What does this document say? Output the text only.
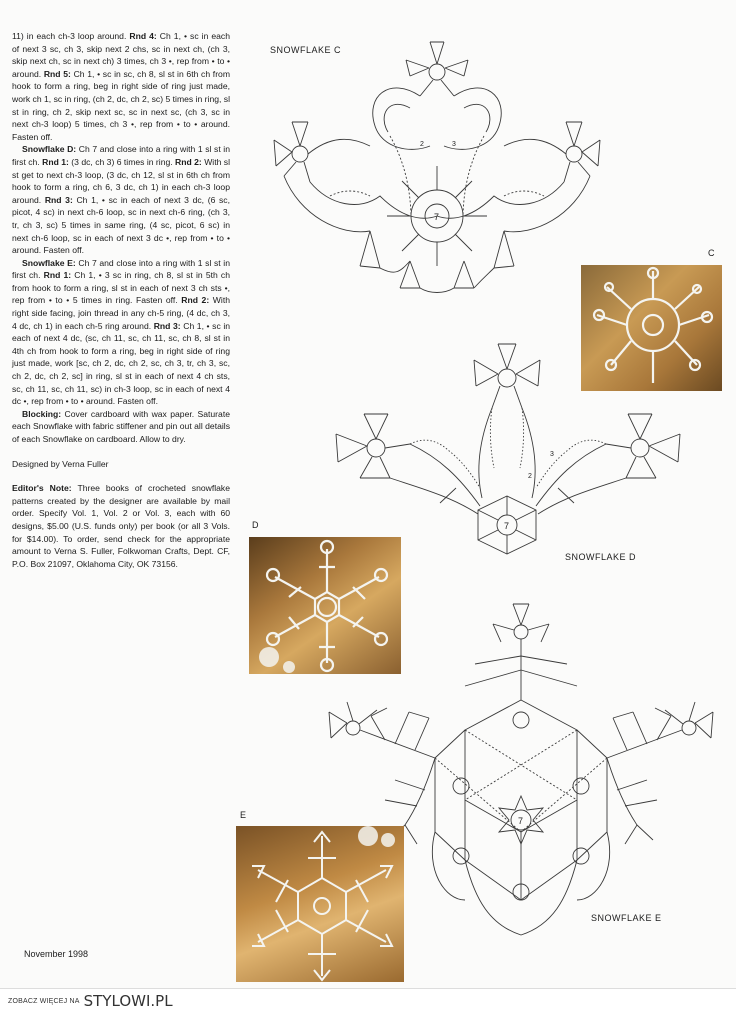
11) in each ch-3 loop around. Rnd 4: Ch 1, • sc in each of next 3 sc, ch 3, skip next 2 chs, sc in next ch, (ch 3, skip next ch, sc in next ch) 3 times, ch 3 •, rep from • to • around. Rnd 5: Ch 1, • sc in sc, ch 8, sl st in 6th ch from hook to form a ring, beg in right side of ring just made, work ch 1, sc in ring, (ch 2, dc, ch 2, sc) 5 times in ring, sl st in ring, ch 2, skip next sc, sc in next sc, (ch 3, sc in next ch-3 loop) 5 times, ch 3 •, rep from • to • around. Fasten off.

Snowflake D: Ch 7 and close into a ring with 1 sl st in first ch. Rnd 1: (3 dc, ch 3) 6 times in ring. Rnd 2: With sl st get to next ch-3 loop, (3 dc, ch 12, sl st in 6th ch from hook to form a ring, ch 6, 3 dc, ch 1) in each ch-3 loop around. Rnd 3: Ch 1, • sc in each of next 3 dc, (6 sc, picot, 4 sc) in next ch-6 loop, sc in next ch-6 ring, (ch 3, tr, ch 3, sc) 5 times in same ring, (4 sc, picot, 6 sc) in next ch-6 loop, sc in each of next 3 dc •, rep from • to • around. Fasten off.

Snowflake E: Ch 7 and close into a ring with 1 sl st in first ch. Rnd 1: Ch 1, • 3 sc in ring, ch 8, sl st in 5th ch from hook to form a ring, sl st in each of next 3 ch sts •, rep from • to • 5 times in ring. Fasten off. Rnd 2: With right side facing, join thread in any ch-5 ring, (4 dc, ch 3, 4 dc, ch 1) in each ch-5 ring around. Rnd 3: Ch 1, • sc in each of next 4 dc, (sc, ch 11, sc, ch 11, sc, ch 8, sl st in 4th ch from hook to form a ring, beg in right side of ring just made, work [sc, ch 2, dc, ch 2, sc, ch 3, tr, ch 3, sc, ch 2, dc, ch 2, sc] in ring, sl st in each of next 4 ch sts, sc, ch 11, sc, ch 11, sc) in ch-3 loop, sc in each of next 4 dc •, rep from • to • around. Fasten off.

Blocking: Cover cardboard with wax paper. Saturate each Snowflake with fabric stiffener and pin out all details of each Snowflake on cardboard. Allow to dry.

Designed by Verna Fuller

Editor's Note: Three books of crocheted snowflake patterns created by the designer are available by mail order. Specify Vol. 1, Vol. 2 or Vol. 3, each with 60 designs, $5.00 (U.S. funds only) per book (or all 3 Vols. for $14.00). To order, send check for the appropriate amount to Verna S. Fuller, Folkwoman Crafts, Dept. CF, P.O. Box 21097, Oklahoma City, OK 73156.

November 1998
SNOWFLAKE C
7
2	3
C
7
2
3
SNOWFLAKE D
D
7
SNOWFLAKE E
E
ZOBACZ WIĘCEJ NA STYLOWI.PL
